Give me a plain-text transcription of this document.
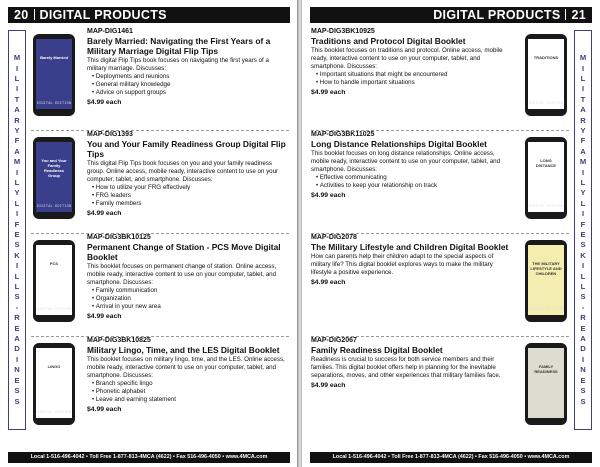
20 DIGITAL PRODUCTS
M
I
L
I
T
A
R
Y
F
A
M
I
L
Y
L
I
F
E
S
K
I
L
L
S
-
R
E
A
D
I
N
E
S
S
Barely Married
DIGITAL EDITION
MAP-DIG1461
Barely Married: Navigating the First Years of a Military Marriage Digital Flip Tips
This digital Flip Tips book focuses on navigating the first years of a military marriage. Discusses:
• Deployments and reunions
• General military knowledge
• Advice on support groups
$4.99 each
You and Your Family Readiness Group
DIGITAL EDITION
MAP-DIG1393
You and Your Family Readiness Group Digital Flip Tips
This digital Flip Tips book focuses on you and your family readiness group. Online access, mobile ready, interactive content to use on your computer, tablet, and smartphone. Discusses:
• How to utilize your FRG effectively
• FRG leaders
• Family members
$4.99 each
PCS
DIGITAL EDITION
MAP-DIG3BK10125
Permanent Change of Station - PCS Move Digital Booklet
This booklet focuses on permanent change of station. Online access, mobile ready, interactive content to use on your computer, tablet, and smartphone. Discusses:
• Family communication
• Organization
• Arrival in your new area
$4.99 each
LINGO
DIGITAL EDITION
MAP-DIG3BK10825
Military Lingo, Time, and the LES Digital Booklet
This booklet focuses on military lingo, time, and the LES. Online access, mobile ready, interactive content to use on your computer, tablet, and smartphone. Discusses:
• Branch specific lingo
• Phonetic alphabet
• Leave and earning statement
$4.99 each
Local 1-516-496-4042 • Toll Free 1-877-813-4MCA (4622) • Fax 516-496-4050 • www.4MCA.com
DIGITAL PRODUCTS 21
M
I
L
I
T
A
R
Y
F
A
M
I
L
Y
L
I
F
E
S
K
I
L
L
S
-
R
E
A
D
I
N
E
S
S
TRADITIONS
DIGITAL EDITION
MAP-DIG3BK10925
Traditions and Protocol Digital Booklet
This booklet focuses on traditions and protocol. Online access, mobile ready, interactive content to use on your computer, tablet, and smartphone. Discusses:
• Important situations that might be encountered
• How to handle important situations
$4.99 each
LONG DISTANCE
DIGITAL EDITION
MAP-DIG3BK11025
Long Distance Relationships Digital Booklet
This booklet focuses on long distance relationships. Online access, mobile ready, interactive content to use on your computer, tablet, and smartphone. Discusses:
• Effective communicating
• Activities to keep your relationship on track
$4.99 each
THE MILITARY LIFESTYLE AND CHILDREN
DIGITAL EDITION
MAP-DIG2078
The Military Lifestyle and Children Digital Booklet
How can parents help their children adapt to the special aspects of military life? This digital booklet explores ways to make the military lifestyle a positive experience.
$4.99 each
FAMILY READINESS
DIGITAL EDITION
MAP-DIG2067
Family Readiness Digital Booklet
Readiness is crucial to success for both service members and their families. This digital booklet offers help in planning for the inevitable separations, moves, and other experiences that military families face.
$4.99 each
Local 1-516-496-4042 • Toll Free 1-877-813-4MCA (4622) • Fax 516-496-4050 • www.4MCA.com
